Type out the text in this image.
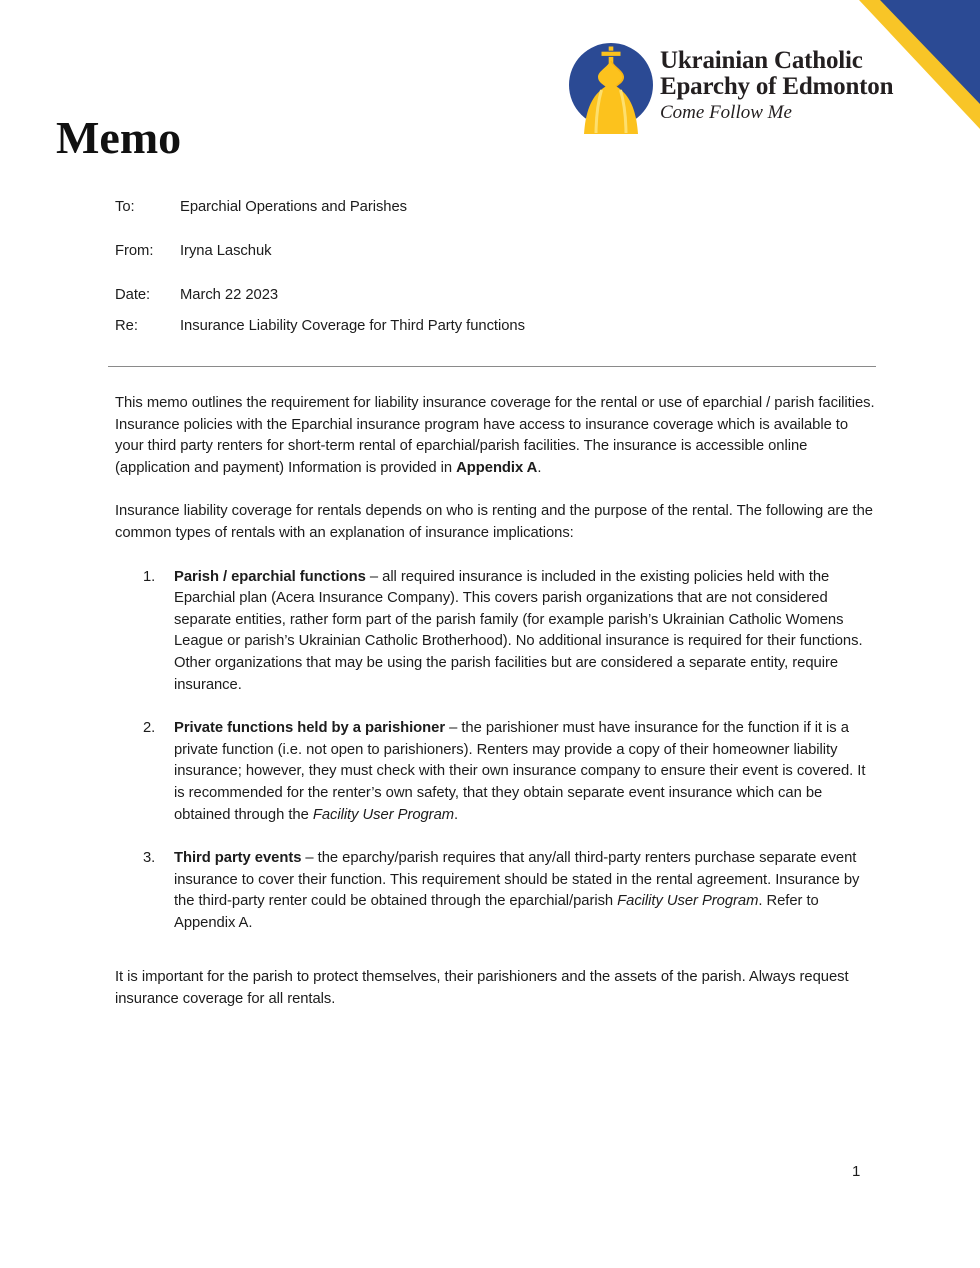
Ukrainian Catholic
Eparchy of Edmonton
Come Follow Me
Memo
To:	Eparchial Operations and Parishes
From: Iryna Laschuk
Date: March 22 2023
Re:	Insurance Liability Coverage for Third Party functions

This memo outlines the requirement for liability insurance coverage for the rental or use of eparchial / parish facilities. Insurance policies with the Eparchial insurance program have access to insurance coverage which is available to your third party renters for short-term rental of eparchial/parish facilities. The insurance is accessible online (application and payment) Information is provided in Appendix A.

Insurance liability coverage for rentals depends on who is renting and the purpose of the rental. The following are the common types of rentals with an explanation of insurance implications:

1. Parish / eparchial functions – all required insurance is included in the existing policies held with the Eparchial plan (Acera Insurance Company). This covers parish organizations that are not considered separate entities, rather form part of the parish family (for example parish’s Ukrainian Catholic Womens League or parish’s Ukrainian Catholic Brotherhood). No additional insurance is required for their functions. Other organizations that may be using the parish facilities but are considered a separate entity, require insurance.
2. Private functions held by a parishioner – the parishioner must have insurance for the function if it is a private function (i.e. not open to parishioners). Renters may provide a copy of their homeowner liability insurance; however, they must check with their own insurance company to ensure their event is covered. It is recommended for the renter’s own safety, that they obtain separate event insurance which can be obtained through the Facility User Program.
3. Third party events – the eparchy/parish requires that any/all third-party renters purchase separate event insurance to cover their function. This requirement should be stated in the rental agreement. Insurance by the third-party renter could be obtained through the eparchial/parish Facility User Program. Refer to Appendix A.

It is important for the parish to protect themselves, their parishioners and the assets of the parish. Always request insurance coverage for all rentals.

1
